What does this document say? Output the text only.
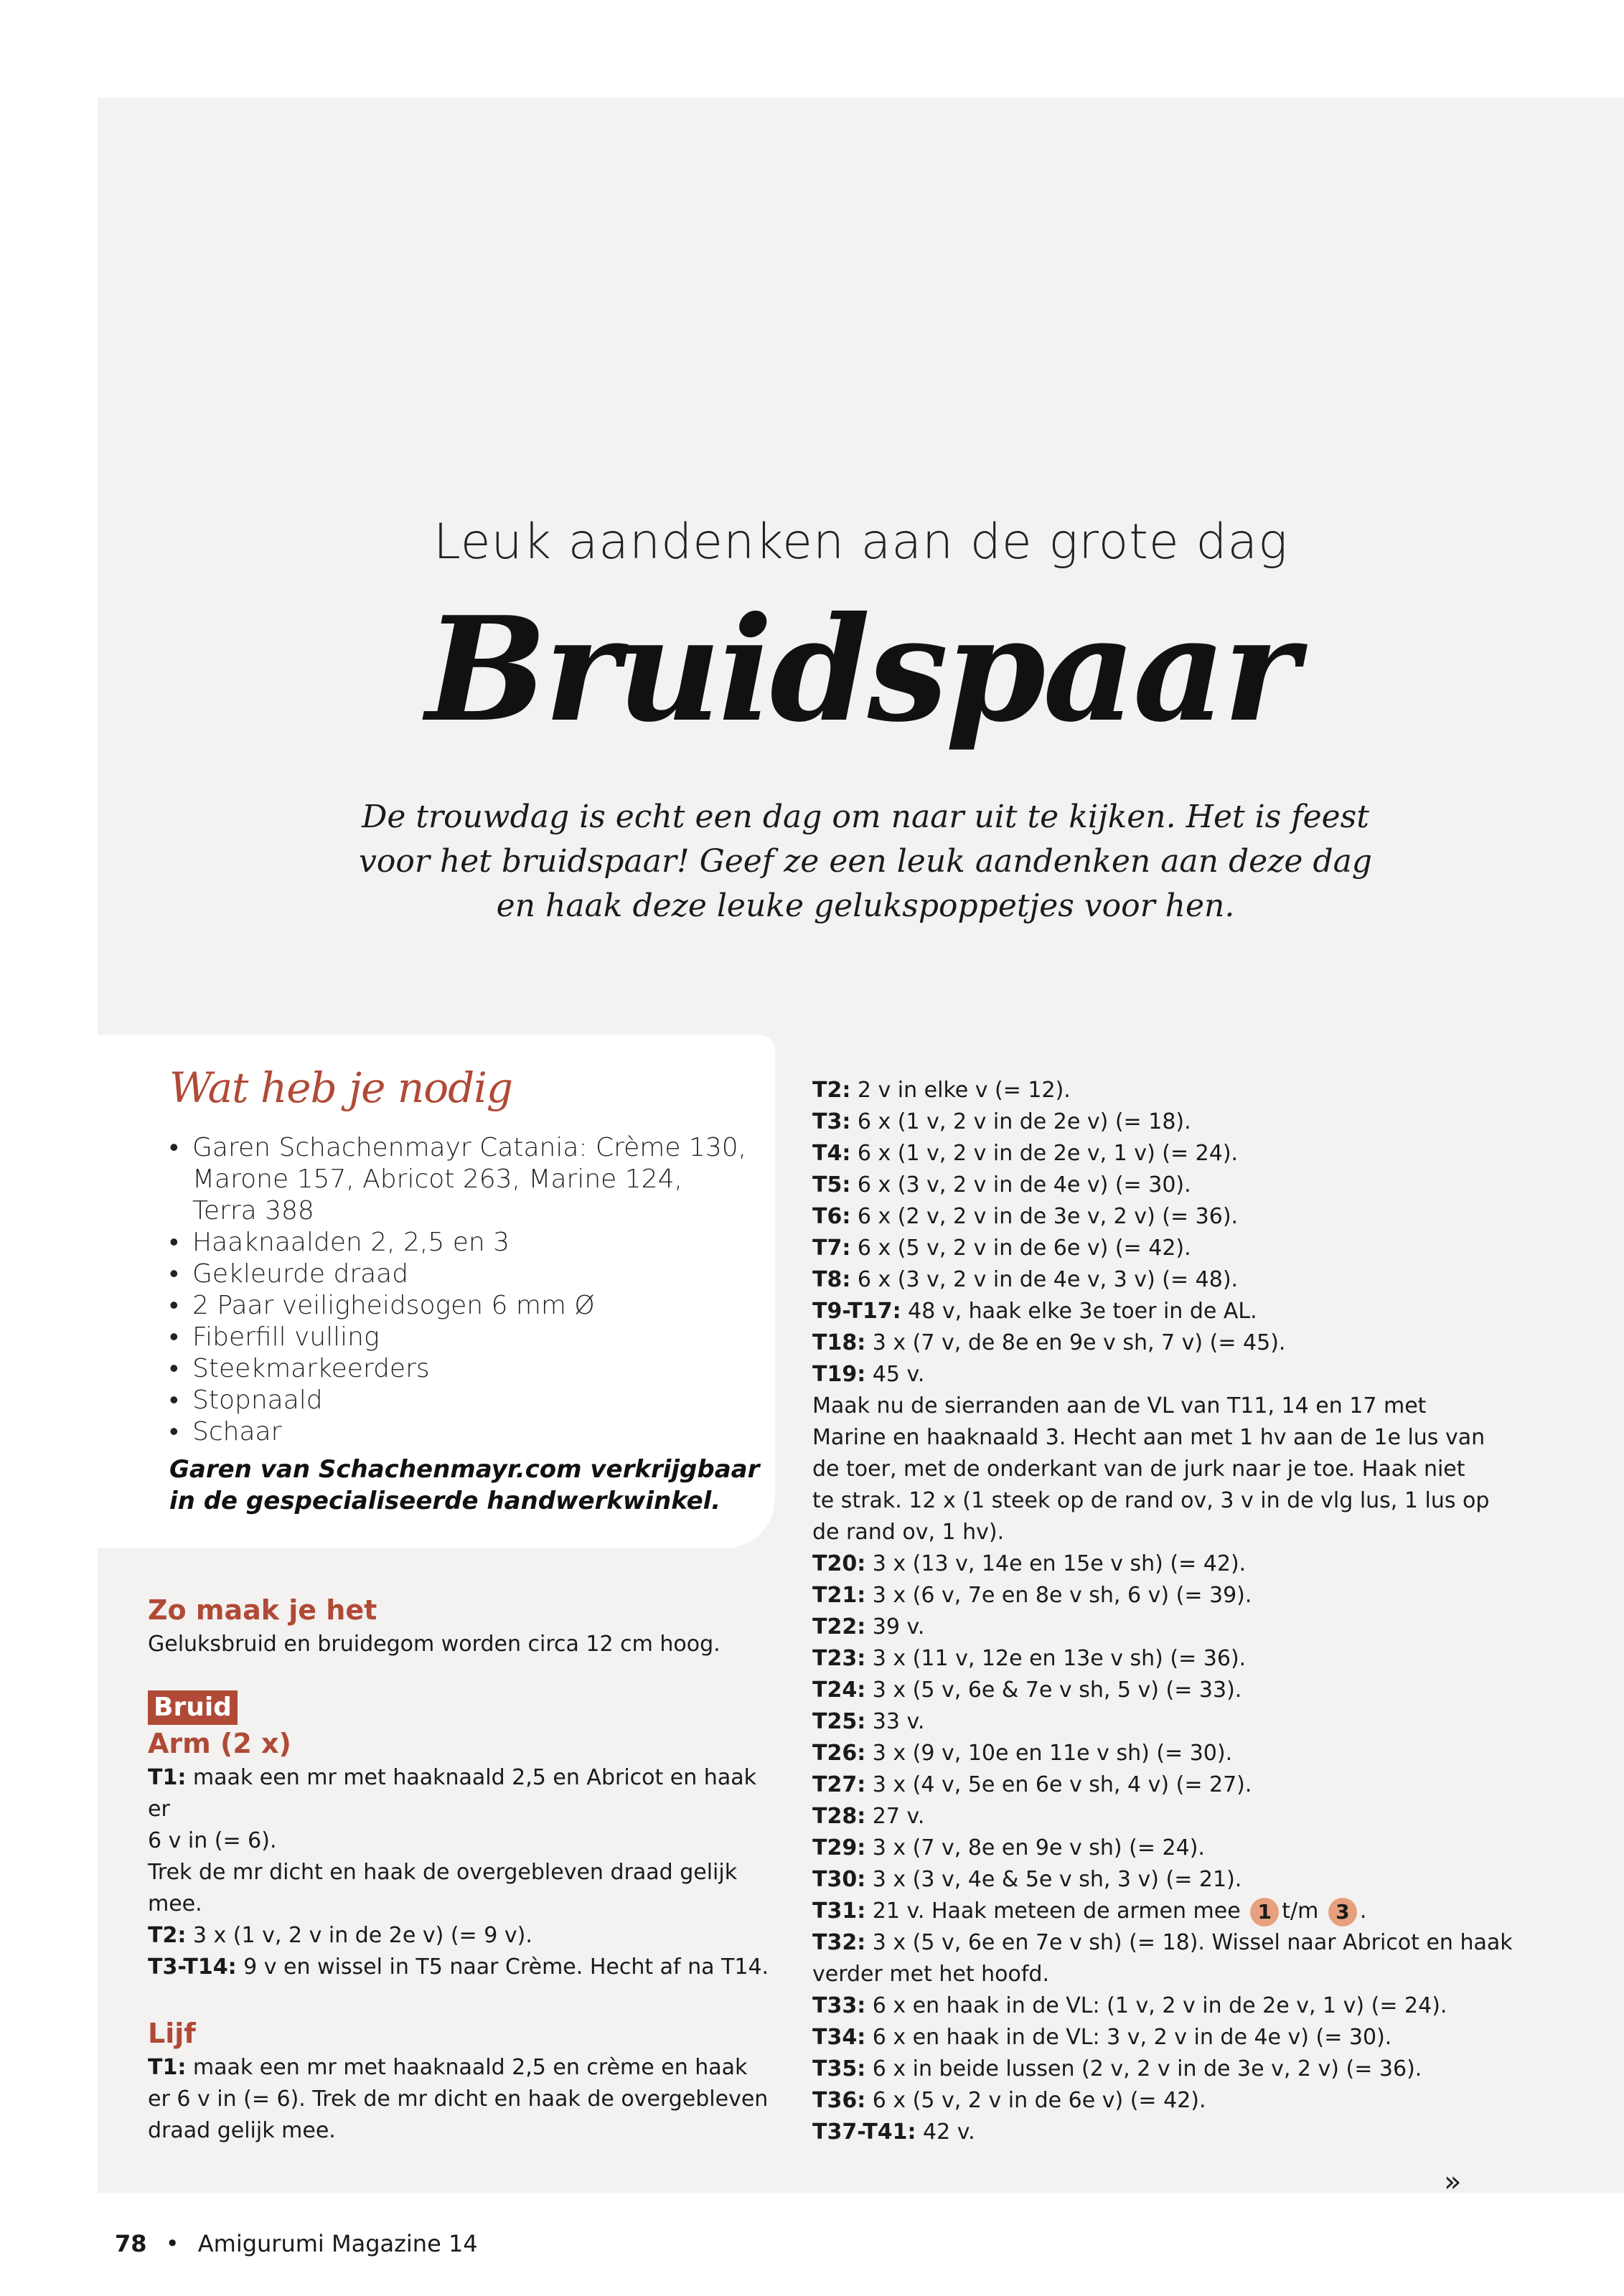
Leuk aandenken aan de grote dag
Bruidspaar
De trouwdag is echt een dag om naar uit te kijken. Het is feest
voor het bruidspaar! Geef ze een leuk aandenken aan deze dag
en haak deze leuke gelukspoppetjes voor hen.
Wat heb je nodig
• Garen Schachenmayr Catania: Crème 130,
Marone 157, Abricot 263, Marine 124,
Terra 388
• Haaknaalden 2, 2,5 en 3
• Gekleurde draad
• 2 Paar veiligheidsogen 6 mm Ø
• Fiberfill vulling
• Steekmarkeerders
• Stopnaald
• Schaar
Garen van Schachenmayr.com verkrijgbaar
in de gespecialiseerde handwerkwinkel.

Zo maak je het

Geluksbruid en bruidegom worden circa 12 cm hoog.

Bruid

Arm (2 x)

T1: maak een mr met haaknaald 2,5 en Abricot en haak er
6 v in (= 6).
Trek de mr dicht en haak de overgebleven draad gelijk
mee.
T2: 3 x (1 v, 2 v in de 2e v) (= 9 v).
T3-T14: 9 v en wissel in T5 naar Crème. Hecht af na T14.

Lijf

T1: maak een mr met haaknaald 2,5 en crème en haak
er 6 v in (= 6). Trek de mr dicht en haak de overgebleven
draad gelijk mee.
T2: 2 v in elke v (= 12).
T3: 6 x (1 v, 2 v in de 2e v) (= 18).
T4: 6 x (1 v, 2 v in de 2e v, 1 v) (= 24).
T5: 6 x (3 v, 2 v in de 4e v) (= 30).
T6: 6 x (2 v, 2 v in de 3e v, 2 v) (= 36).
T7: 6 x (5 v, 2 v in de 6e v) (= 42).
T8: 6 x (3 v, 2 v in de 4e v, 3 v) (= 48).
T9-T17: 48 v, haak elke 3e toer in de AL.
T18: 3 x (7 v, de 8e en 9e v sh, 7 v) (= 45).
T19: 45 v.
Maak nu de sierranden aan de VL van T11, 14 en 17 met
Marine en haaknaald 3. Hecht aan met 1 hv aan de 1e lus van
de toer, met de onderkant van de jurk naar je toe. Haak niet
te strak. 12 x (1 steek op de rand ov, 3 v in de vlg lus, 1 lus op
de rand ov, 1 hv).
T20: 3 x (13 v, 14e en 15e v sh) (= 42).
T21: 3 x (6 v, 7e en 8e v sh, 6 v) (= 39).
T22: 39 v.
T23: 3 x (11 v, 12e en 13e v sh) (= 36).
T24: 3 x (5 v, 6e & 7e v sh, 5 v) (= 33).
T25: 33 v.
T26: 3 x (9 v, 10e en 11e v sh) (= 30).
T27: 3 x (4 v, 5e en 6e v sh, 4 v) (= 27).
T28: 27 v.
T29: 3 x (7 v, 8e en 9e v sh) (= 24).
T30: 3 x (3 v, 4e & 5e v sh, 3 v) (= 21).
T31: 21 v. Haak meteen de armen mee 1 t/m 3 .
T32: 3 x (5 v, 6e en 7e v sh) (= 18). Wissel naar Abricot en haak
verder met het hoofd.
T33: 6 x en haak in de VL: (1 v, 2 v in de 2e v, 1 v) (= 24).
T34: 6 x en haak in de VL: 3 v, 2 v in de 4e v) (= 30).
T35: 6 x in beide lussen (2 v, 2 v in de 3e v, 2 v) (= 36).
T36: 6 x (5 v, 2 v in de 6e v) (= 42).
T37-T41: 42 v.
»
78 • Amigurumi Magazine 14
